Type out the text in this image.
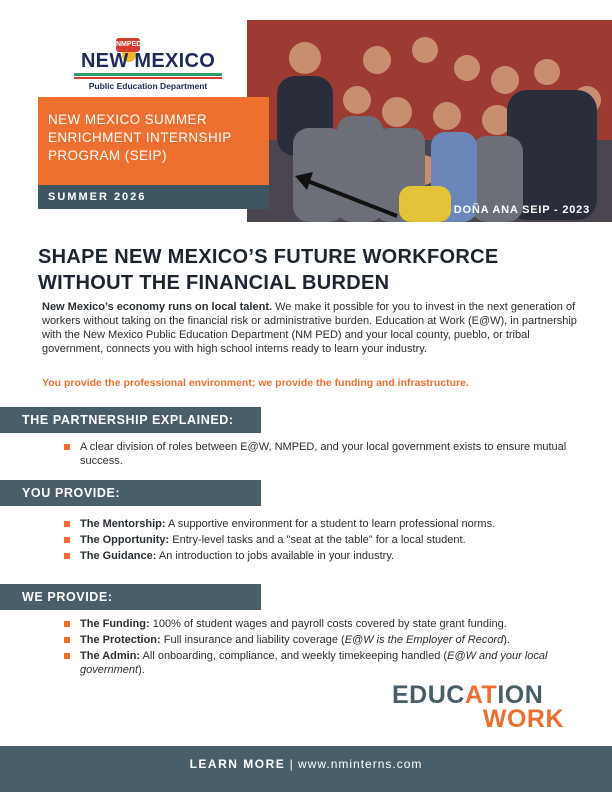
NMPED
NEW MEXICO
Public Education Department
DOÑA ANA SEIP - 2023

NEW MEXICO SUMMER ENRICHMENT INTERNSHIP PROGRAM (SEIP)

SUMMER 2026
SHAPE NEW MEXICO’S FUTURE WORKFORCE
WITHOUT THE FINANCIAL BURDEN

New Mexico’s economy runs on local talent. We make it possible for you to invest in the next generation of workers without taking on the financial risk or administrative burden. Education at Work (E@W), in partnership with the New Mexico Public Education Department (NM PED) and your local county, pueblo, or tribal government, connects you with high school interns ready to learn your industry.

You provide the professional environment; we provide the funding and infrastructure.

THE PARTNERSHIP EXPLAINED:
A clear division of roles between E@W, NMPED, and your local government exists to ensure mutual success.
YOU PROVIDE:
The Mentorship: A supportive environment for a student to learn professional norms.
The Opportunity: Entry-level tasks and a "seat at the table" for a local student.
The Guidance: An introduction to jobs available in your industry.
WE PROVIDE:
The Funding: 100% of student wages and payroll costs covered by state grant funding.
The Protection: Full insurance and liability coverage (E@W is the Employer of Record).
The Admin: All onboarding, compliance, and weekly timekeeping handled (E@W and your local government).
EDUCATION
WORK
LEARN MORE | www.nminterns.com
